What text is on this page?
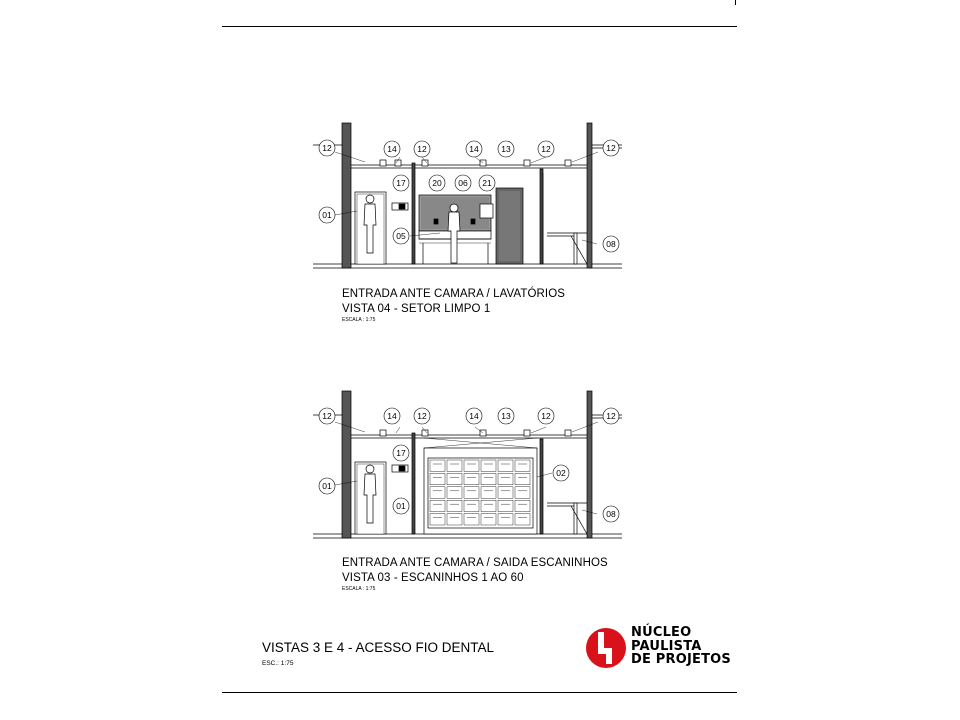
12	14 12	14	13	12	12
17	20 06 21
01
05
08
ENTRADA ANTE CAMARA / LAVATÓRIOS
VISTA 04 - SETOR LIMPO 1
ESCALA : 1:75
12	14 12	14	13	12	12
17
01
01
02
08
ENTRADA ANTE CAMARA / SAIDA ESCANINHOS
VISTA 03 - ESCANINHOS 1 AO 60
ESCALA : 1:75
VISTAS 3 E 4 - ACESSO FIO DENTAL
ESC.: 1:75
NÚCLEO
PAULISTA
DE PROJETOS
